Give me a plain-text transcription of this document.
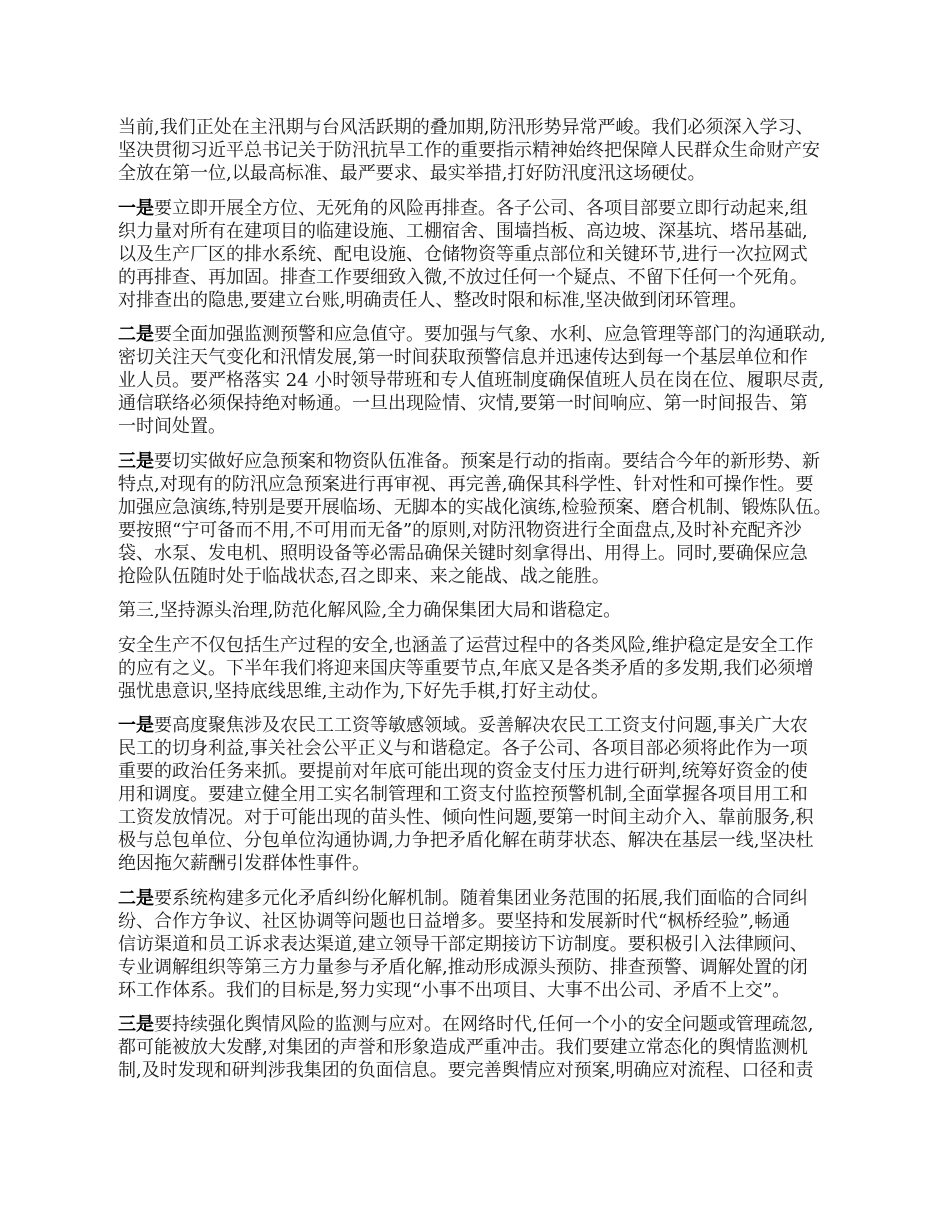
当前,我们正处在主汛期与台风活跃期的叠加期,防汛形势异常严峻。我们必须深入学习、
坚决贯彻习近平总书记关于防汛抗旱工作的重要指示精神始终把保障人民群众生命财产安
全放在第一位,以最高标准、最严要求、最实举措,打好防汛度汛这场硬仗。
一是要立即开展全方位、无死角的风险再排查。各子公司、各项目部要立即行动起来,组
织力量对所有在建项目的临建设施、工棚宿舍、围墙挡板、高边坡、深基坑、塔吊基础,
以及生产厂区的排水系统、配电设施、仓储物资等重点部位和关键环节,进行一次拉网式
的再排查、再加固。排查工作要细致入微,不放过任何一个疑点、不留下任何一个死角。
对排查出的隐患,要建立台账,明确责任人、整改时限和标准,坚决做到闭环管理。
二是要全面加强监测预警和应急值守。要加强与气象、水利、应急管理等部门的沟通联动,
密切关注天气变化和汛情发展,第一时间获取预警信息并迅速传达到每一个基层单位和作
业人员。要严格落实 24 小时领导带班和专人值班制度确保值班人员在岗在位、履职尽责,
通信联络必须保持绝对畅通。一旦出现险情、灾情,要第一时间响应、第一时间报告、第
一时间处置。
三是要切实做好应急预案和物资队伍准备。预案是行动的指南。要结合今年的新形势、新
特点,对现有的防汛应急预案进行再审视、再完善,确保其科学性、针对性和可操作性。要
加强应急演练,特别是要开展临场、无脚本的实战化演练,检验预案、磨合机制、锻炼队伍。
要按照“宁可备而不用,不可用而无备”的原则,对防汛物资进行全面盘点,及时补充配齐沙
袋、水泵、发电机、照明设备等必需品确保关键时刻拿得出、用得上。同时,要确保应急
抢险队伍随时处于临战状态,召之即来、来之能战、战之能胜。
第三,坚持源头治理,防范化解风险,全力确保集团大局和谐稳定。
安全生产不仅包括生产过程的安全,也涵盖了运营过程中的各类风险,维护稳定是安全工作
的应有之义。下半年我们将迎来国庆等重要节点,年底又是各类矛盾的多发期,我们必须增
强忧患意识,坚持底线思维,主动作为,下好先手棋,打好主动仗。
一是要高度聚焦涉及农民工工资等敏感领域。妥善解决农民工工资支付问题,事关广大农
民工的切身利益,事关社会公平正义与和谐稳定。各子公司、各项目部必须将此作为一项
重要的政治任务来抓。要提前对年底可能出现的资金支付压力进行研判,统筹好资金的使
用和调度。要建立健全用工实名制管理和工资支付监控预警机制,全面掌握各项目用工和
工资发放情况。对于可能出现的苗头性、倾向性问题,要第一时间主动介入、靠前服务,积
极与总包单位、分包单位沟通协调,力争把矛盾化解在萌芽状态、解决在基层一线,坚决杜
绝因拖欠薪酬引发群体性事件。
二是要系统构建多元化矛盾纠纷化解机制。随着集团业务范围的拓展,我们面临的合同纠
纷、合作方争议、社区协调等问题也日益增多。要坚持和发展新时代“枫桥经验”,畅通
信访渠道和员工诉求表达渠道,建立领导干部定期接访下访制度。要积极引入法律顾问、
专业调解组织等第三方力量参与矛盾化解,推动形成源头预防、排查预警、调解处置的闭
环工作体系。我们的目标是,努力实现“小事不出项目、大事不出公司、矛盾不上交”。
三是要持续强化舆情风险的监测与应对。在网络时代,任何一个小的安全问题或管理疏忽,
都可能被放大发酵,对集团的声誉和形象造成严重冲击。我们要建立常态化的舆情监测机
制,及时发现和研判涉我集团的负面信息。要完善舆情应对预案,明确应对流程、口径和责
